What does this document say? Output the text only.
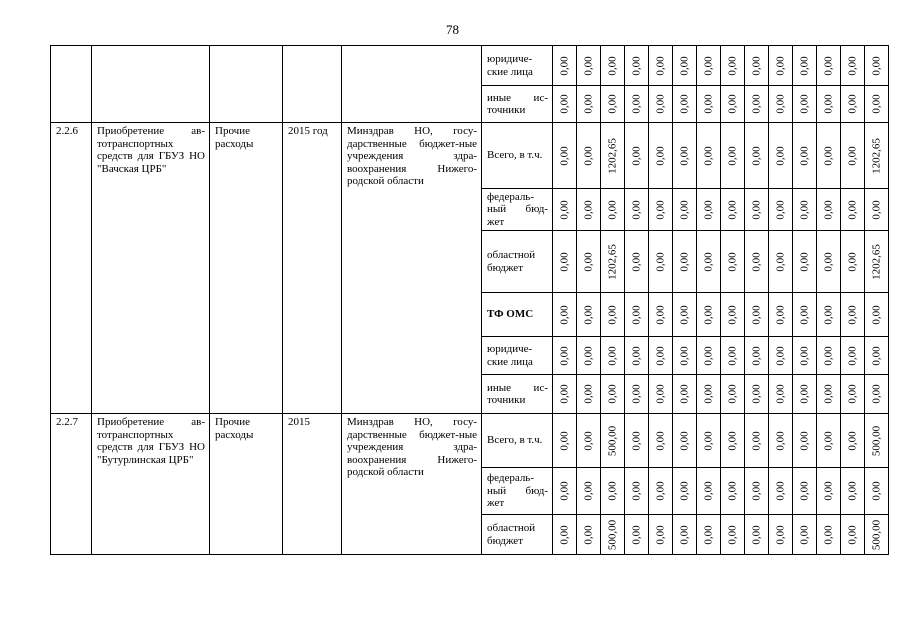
78

					юридиче-ские лица	0,00	0,00	0,00	0,00	0,00	0,00	0,00	0,00	0,00	0,00	0,00	0,00	0,00	0,00

					иные ис-точники	0,00	0,00	0,00	0,00	0,00	0,00	0,00	0,00	0,00	0,00	0,00	0,00	0,00	0,00

2.2.6	Приобретение ав-тотранспортных средств для ГБУЗ НО "Вачская ЦРБ"	Прочие расходы	2015 год	Минздрав НО, госу-дарственные бюджет-ные учреждения здра-воохранения Нижего-родской области	Всего, в т.ч.	0,00	0,00	1202,65	0,00	0,00	0,00	0,00	0,00	0,00	0,00	0,00	0,00	0,00	1202,65

					федераль-ный бюд-жет	0,00	0,00	0,00	0,00	0,00	0,00	0,00	0,00	0,00	0,00	0,00	0,00	0,00	0,00

					областной бюджет	0,00	0,00	1202,65	0,00	0,00	0,00	0,00	0,00	0,00	0,00	0,00	0,00	0,00	1202,65

					ТФ ОМС	0,00	0,00	0,00	0,00	0,00	0,00	0,00	0,00	0,00	0,00	0,00	0,00	0,00	0,00

					юридиче-ские лица	0,00	0,00	0,00	0,00	0,00	0,00	0,00	0,00	0,00	0,00	0,00	0,00	0,00	0,00

					иные ис-точники	0,00	0,00	0,00	0,00	0,00	0,00	0,00	0,00	0,00	0,00	0,00	0,00	0,00	0,00

2.2.7	Приобретение ав-тотранспортных средств для ГБУЗ НО "Бутурлинская ЦРБ"	Прочие расходы	2015	Минздрав НО, госу-дарственные бюджет-ные учреждения здра-воохранения Нижего-родской области	Всего, в т.ч.	0,00	0,00	500,00	0,00	0,00	0,00	0,00	0,00	0,00	0,00	0,00	0,00	0,00	500,00

					федераль-ный бюд-жет	0,00	0,00	0,00	0,00	0,00	0,00	0,00	0,00	0,00	0,00	0,00	0,00	0,00	0,00

					областной бюджет	0,00	0,00	500,00	0,00	0,00	0,00	0,00	0,00	0,00	0,00	0,00	0,00	0,00	500,00
